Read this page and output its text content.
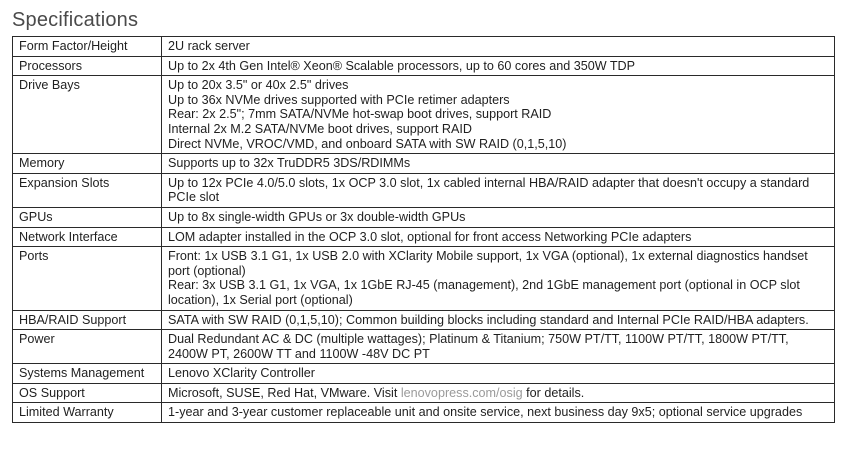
Specifications
Form Factor/Height	2U rack server
Processors	Up to 2x 4th Gen Intel® Xeon® Scalable processors, up to 60 cores and 350W TDP
Drive Bays	Up to 20x 3.5" or 40x 2.5" drives
Up to 36x NVMe drives supported with PCIe retimer adapters
Rear: 2x 2.5"; 7mm SATA/NVMe hot-swap boot drives, support RAID
Internal 2x M.2 SATA/NVMe boot drives, support RAID
Direct NVMe, VROC/VMD, and onboard SATA with SW RAID (0,1,5,10)
Memory	Supports up to 32x TruDDR5 3DS/RDIMMs
Expansion Slots	Up to 12x PCIe 4.0/5.0 slots, 1x OCP 3.0 slot, 1x cabled internal HBA/RAID adapter that doesn't occupy a standard PCIe slot
GPUs	Up to 8x single-width GPUs or 3x double-width GPUs
Network Interface	LOM adapter installed in the OCP 3.0 slot, optional for front access Networking PCIe adapters
Ports	Front: 1x USB 3.1 G1, 1x USB 2.0 with XClarity Mobile support, 1x VGA (optional), 1x external diagnostics handset port (optional)
Rear: 3x USB 3.1 G1, 1x VGA, 1x 1GbE RJ-45 (management), 2nd 1GbE management port (optional in OCP slot location), 1x Serial port (optional)
HBA/RAID Support	SATA with SW RAID (0,1,5,10); Common building blocks including standard and Internal PCIe RAID/HBA adapters.
Power	Dual Redundant AC & DC (multiple wattages); Platinum & Titanium; 750W PT/TT, 1100W PT/TT, 1800W PT/TT, 2400W PT, 2600W TT and 1100W -48V DC PT
Systems Management	Lenovo XClarity Controller
OS Support	Microsoft, SUSE, Red Hat, VMware. Visit lenovopress.com/osig for details.
Limited Warranty	1-year and 3-year customer replaceable unit and onsite service, next business day 9x5; optional service upgrades
